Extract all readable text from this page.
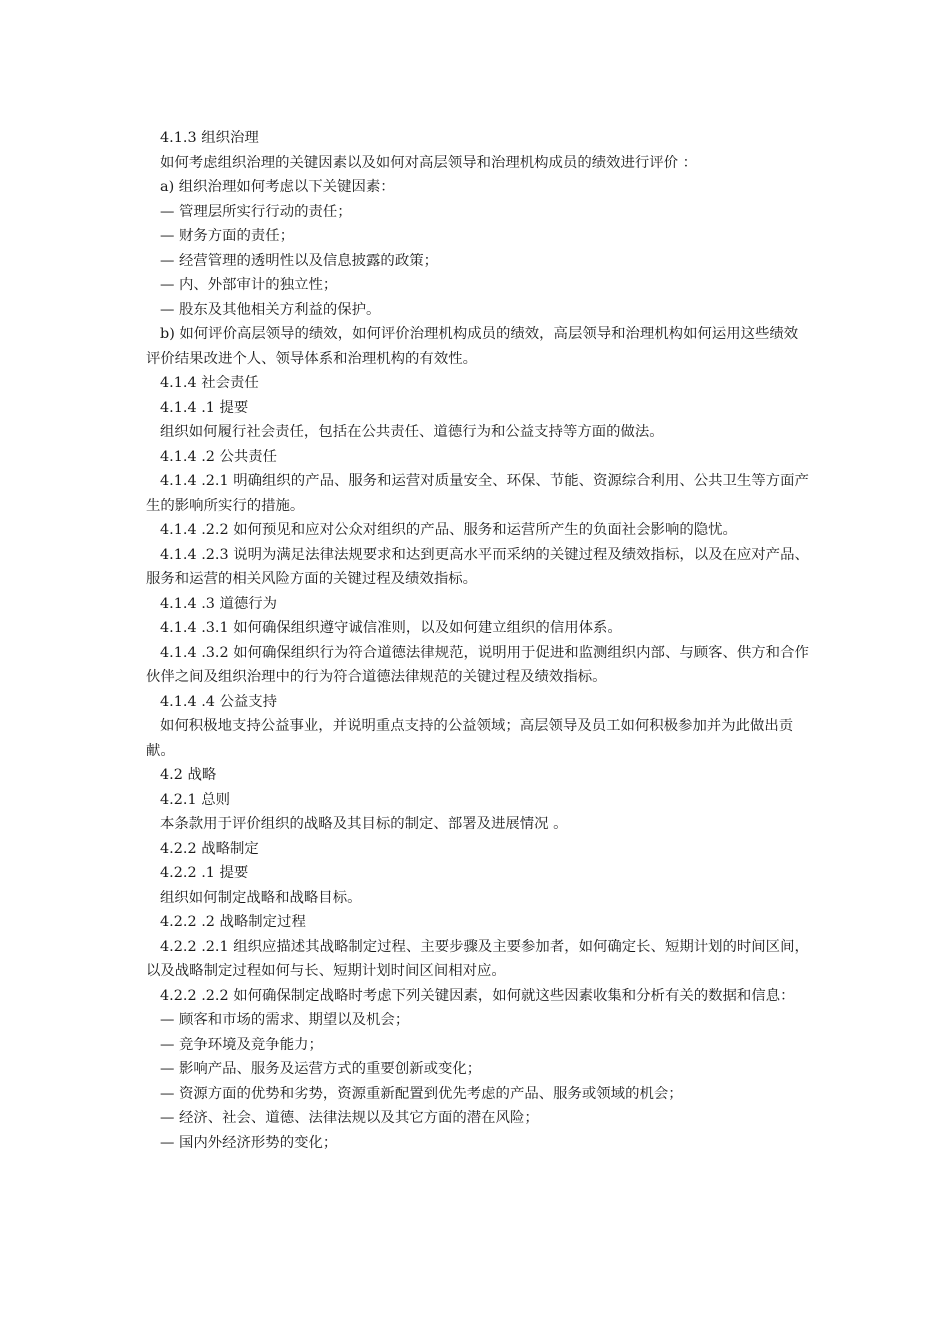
4.1.3 组织治理
如何考虑组织治理的关键因素以及如何对高层领导和治理机构成员的绩效进行评价 ：
a) 组织治理如何考虑以下关键因素：
— 管理层所实行行动的责任；
— 财务方面的责任；
— 经营管理的透明性以及信息披露的政策；
— 内、外部审计的独立性；
— 股东及其他相关方利益的保护。
b) 如何评价高层领导的绩效，如何评价治理机构成员的绩效，高层领导和治理机构如何运用这些绩效评价结果改进个人、领导体系和治理机构的有效性。
4.1.4 社会责任
4.1.4 .1 提要
组织如何履行社会责任，包括在公共责任、道德行为和公益支持等方面的做法。
4.1.4 .2 公共责任
4.1.4 .2.1 明确组织的产品、服务和运营对质量安全、环保、节能、资源综合利用、公共卫生等方面产生的影响所实行的措施。
4.1.4 .2.2 如何预见和应对公众对组织的产品、服务和运营所产生的负面社会影响的隐忧。
4.1.4 .2.3 说明为满足法律法规要求和达到更高水平而采纳的关键过程及绩效指标，以及在应对产品、服务和运营的相关风险方面的关键过程及绩效指标。
4.1.4 .3 道德行为
4.1.4 .3.1 如何确保组织遵守诚信准则，以及如何建立组织的信用体系。
4.1.4 .3.2 如何确保组织行为符合道德法律规范，说明用于促进和监测组织内部、与顾客、供方和合作伙伴之间及组织治理中的行为符合道德法律规范的关键过程及绩效指标。
4.1.4 .4 公益支持
如何积极地支持公益事业，并说明重点支持的公益领域；高层领导及员工如何积极参加并为此做出贡献。
4.2 战略
4.2.1 总则
本条款用于评价组织的战略及其目标的制定、部署及进展情况 。
4.2.2 战略制定
4.2.2 .1 提要
组织如何制定战略和战略目标。
4.2.2 .2 战略制定过程
4.2.2 .2.1 组织应描述其战略制定过程、主要步骤及主要参加者，如何确定长、短期计划的时间区间，以及战略制定过程如何与长、短期计划时间区间相对应。
4.2.2 .2.2 如何确保制定战略时考虑下列关键因素，如何就这些因素收集和分析有关的数据和信息：
— 顾客和市场的需求、期望以及机会；
— 竞争环境及竞争能力；
— 影响产品、服务及运营方式的重要创新或变化；
— 资源方面的优势和劣势，资源重新配置到优先考虑的产品、服务或领域的机会；
— 经济、社会、道德、法律法规以及其它方面的潜在风险；
— 国内外经济形势的变化；
